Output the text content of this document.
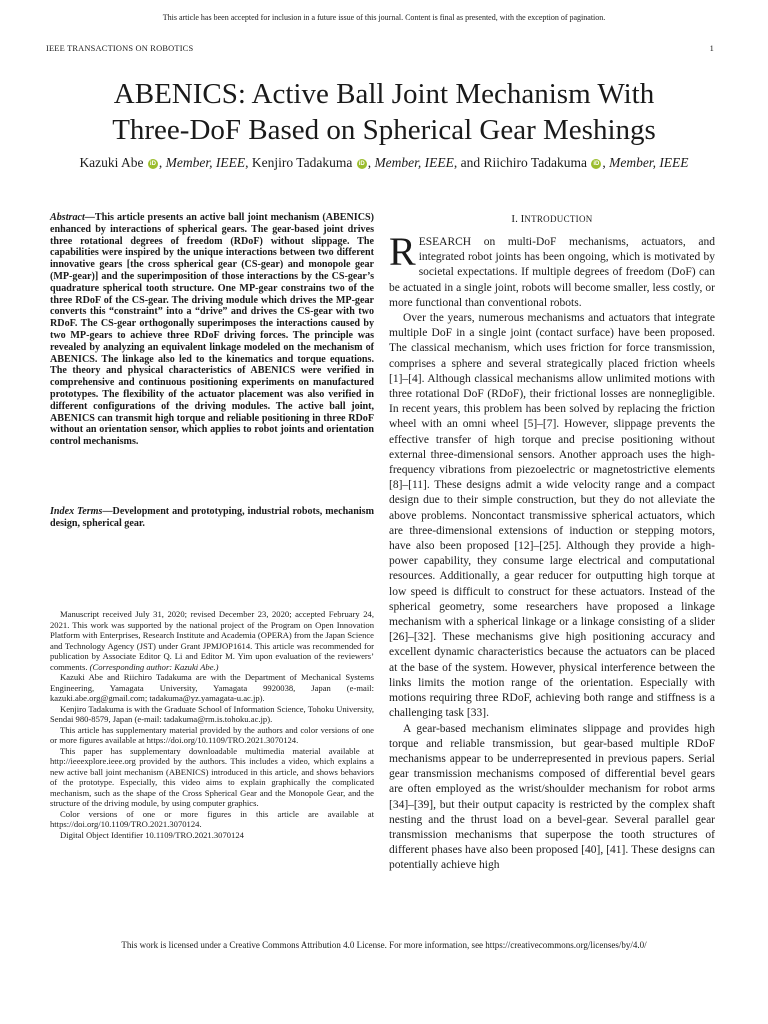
This article has been accepted for inclusion in a future issue of this journal. Content is final as presented, with the exception of pagination.
IEEE TRANSACTIONS ON ROBOTICS	1
ABENICS: Active Ball Joint Mechanism With
Three-DoF Based on Spherical Gear Meshings
Kazuki Abe iD , Member, IEEE, Kenjiro Tadakuma iD , Member, IEEE, and Riichiro Tadakuma iD , Member, IEEE
Abstract—This article presents an active ball joint mechanism (ABENICS) enhanced by interactions of spherical gears. The gear-based joint drives three rotational degrees of freedom (RDoF) without slippage. The capabilities were inspired by the unique interactions between two different innovative gears [the cross spherical gear (CS-gear) and monopole gear (MP-gear)] and the superimposition of those interactions by the CS-gear’s quadrature spherical tooth structure. One MP-gear constrains two of the three RDoF of the CS-gear. The driving module which drives the MP-gear converts this “constraint” into a “drive” and drives the CS-gear with two RDoF. The CS-gear orthogonally superimposes the interactions caused by two MP-gears to achieve three RDoF driving forces. The principle was revealed by analyzing an equivalent linkage modeled on the mechanism of ABENICS. The linkage also led to the kinematics and torque equations. The theory and physical characteristics of ABENICS were verified in comprehensive and continuous positioning experiments on manufactured prototypes. The flexibility of the actuator placement was also verified in different configurations of the driving modules. The active ball joint, ABENICS can transmit high torque and reliable positioning in three RDoF without an orientation sensor, which applies to robot joints and orientation control mechanisms.
Index Terms—Development and prototyping, industrial robots, mechanism design, spherical gear.

Manuscript received July 31, 2020; revised December 23, 2020; accepted February 24, 2021. This work was supported by the national project of the Program on Open Innovation Platform with Enterprises, Research Institute and Academia (OPERA) from the Japan Science and Technology Agency (JST) under Grant JPMJOP1614. This article was recommended for publication by Associate Editor Q. Li and Editor M. Yim upon evaluation of the reviewers’ comments. (Corresponding author: Kazuki Abe.)

Kazuki Abe and Riichiro Tadakuma are with the Department of Mechanical Systems Engineering, Yamagata University, Yamagata 9920038, Japan (e-mail: kazuki.abe.org@gmail.com; tadakuma@yz.yamagata-u.ac.jp).

Kenjiro Tadakuma is with the Graduate School of Information Science, Tohoku University, Sendai 980-8579, Japan (e-mail: tadakuma@rm.is.tohoku.ac.jp).

This article has supplementary material provided by the authors and color versions of one or more figures available at https://doi.org/10.1109/TRO.2021.3070124.

This paper has supplementary downloadable multimedia material available at http://ieeexplore.ieee.org provided by the authors. This includes a video, which explains a new active ball joint mechanism (ABENICS) introduced in this article, and shows behaviors of the prototype. Especially, this video aims to explain graphically the complicated mechanism, such as the shape of the Cross Spherical Gear and the Monopole Gear, and the structure of the driving module, by using computer graphics.

Color versions of one or more figures in this article are available at https://doi.org/10.1109/TRO.2021.3070124.

Digital Object Identifier 10.1109/TRO.2021.3070124

I. INTRODUCTION

RESEARCH on multi-DoF mechanisms, actuators, and integrated robot joints has been ongoing, which is motivated by societal expectations. If multiple degrees of freedom (DoF) can be actuated in a single joint, robots will become smaller, less costly, or more functional than conventional robots.

Over the years, numerous mechanisms and actuators that integrate multiple DoF in a single joint (contact surface) have been proposed. The classical mechanism, which uses friction for force transmission, comprises a sphere and several strategically placed friction wheels [1]–[4]. Although classical mechanisms allow unlimited motions with three rotational DoF (RDoF), their frictional losses are nonnegligible. In recent years, this problem has been solved by replacing the friction wheel with an omni wheel [5]–[7]. However, slippage prevents the effective transfer of high torque and precise positioning without external three-dimensional sensors. Another approach uses the high-frequency vibrations from piezoelectric or magnetostrictive elements [8]–[11]. These designs admit a wide velocity range and a compact design due to their simple construction, but they do not alleviate the above problems. Noncontact transmissive spherical actuators, which are three-dimensional extensions of induction or stepping motors, have also been proposed [12]–[25]. Although they provide a high-power capability, they consume large electrical and computational resources. Additionally, a gear reducer for outputting high torque at low speed is difficult to construct for these actuators. Instead of the spherical geometry, some researchers have proposed a linkage mechanism with a spherical linkage or a linkage consisting of a slider [26]–[32]. These mechanisms give high positioning accuracy and excellent dynamic characteristics because the actuators can be placed at the base of the system. However, physical interference between the links limits the motion range of the orientation. Especially with motions requiring three RDoF, achieving both range and stiffness is a challenging task [33].

A gear-based mechanism eliminates slippage and provides high torque and reliable transmission, but gear-based multiple RDoF mechanisms appear to be underrepresented in previous papers. Serial gear transmission mechanisms composed of differential bevel gears are often employed as the wrist/shoulder mechanism for robot arms [34]–[39], but their output capacity is restricted by the complex shaft nesting and the thrust load on a bevel-gear. Several parallel gear transmission mechanisms that superpose the tooth structures of different phases have also been proposed [40], [41]. These designs can potentially achieve high

This work is licensed under a Creative Commons Attribution 4.0 License. For more information, see https://creativecommons.org/licenses/by/4.0/
